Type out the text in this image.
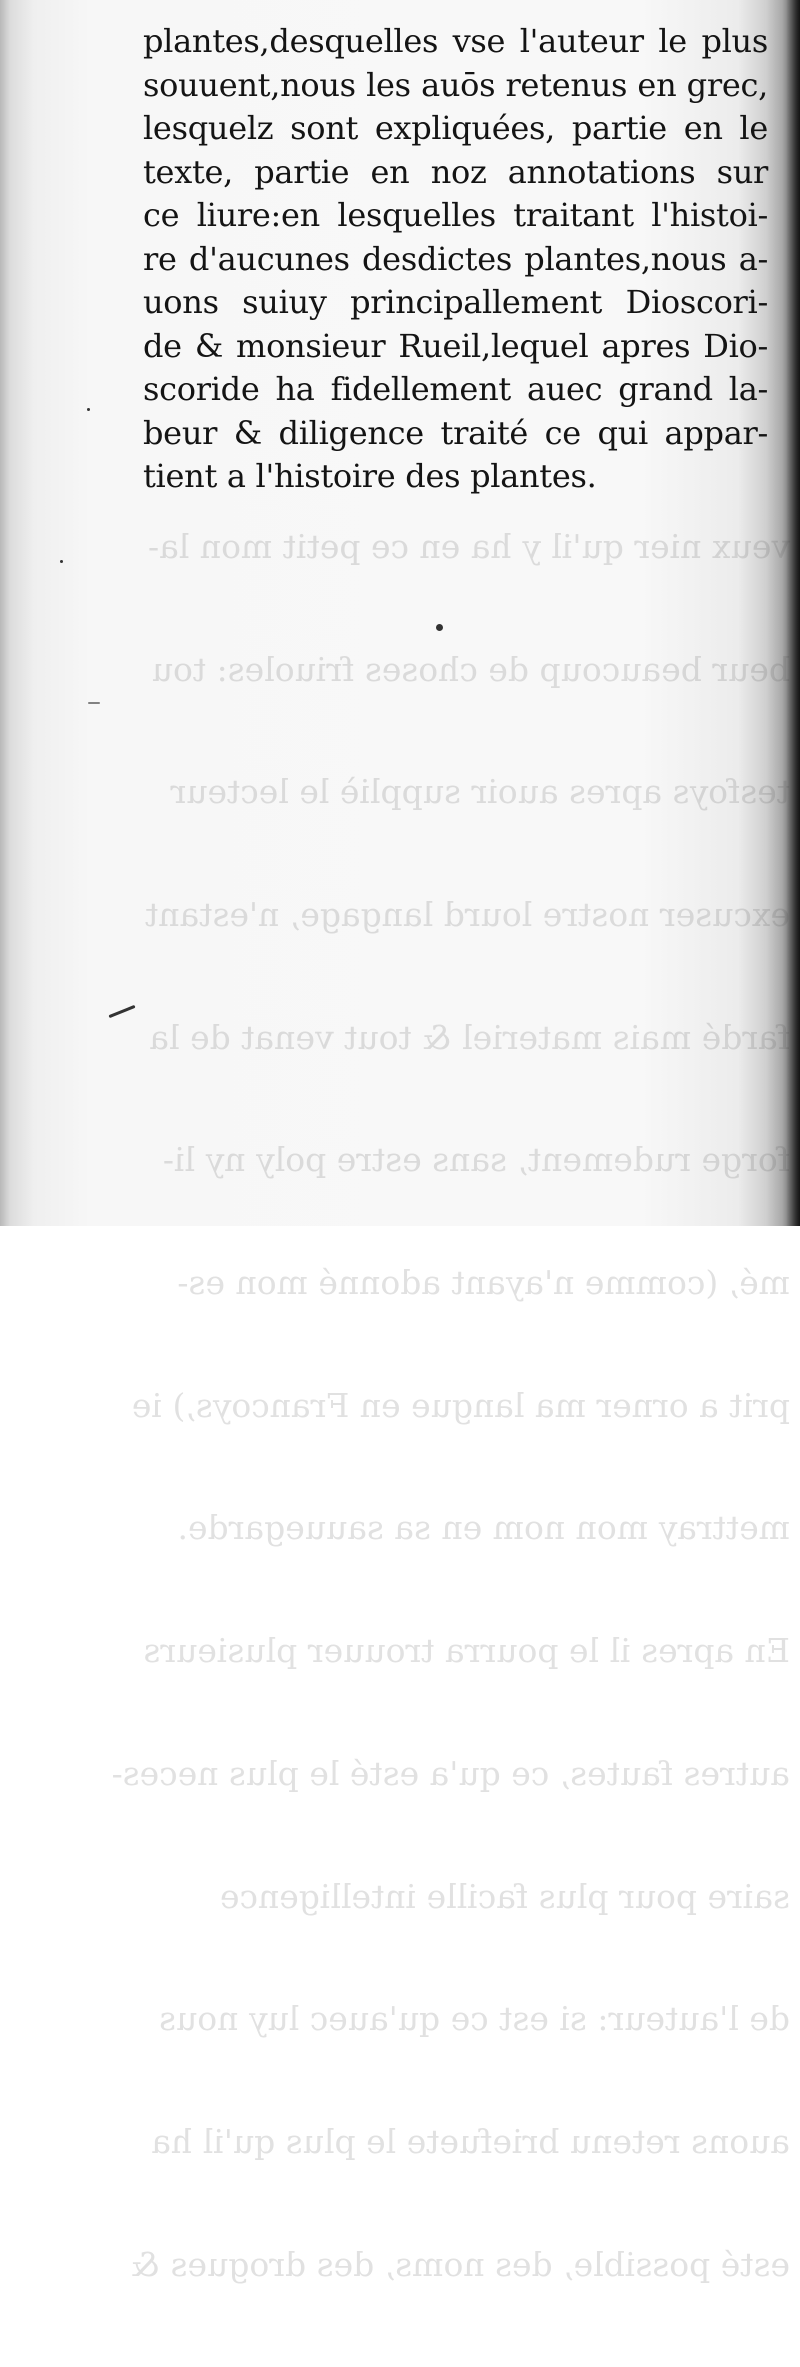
veux nier qu'il y ha en ce petit mon la-

beur beaucoup de choses friuoles: tou

tesfoys apres auoir suppliè le lecteur

excuser nostre lourd langage, n'estant

fardé mais materiel & tout venat de la

forge rudement, sans estre poly ny li-

mé, (comme n'ayant adonné mon es-

prit a orner ma langue en Francoys,) ie

mettray mon nom en sa sauuegarde.

En apres il le pourra trouuer plusieurs

autres fautes, ce qu'a esté le plus neces-

saire pour plus facille intelligence

de l'auteur: si est ce qu'auec luy nous

auons retenu briefuete le plus qu'il ha

esté possible, des noms, des drogues &

plantes,desquelles vse l'auteur le plus
souuent,nous les auōs retenus en grec,
lesquelz sont expliquées, partie en le
texte, partie en noz annotations sur
ce liure:en lesquelles traitant l'histoi-
re d'aucunes desdictes plantes,nous a-
uons suiuy principallement Dioscori-
de & monsieur Rueil,lequel apres Dio-
scoride ha fidellement auec grand la-
beur & diligence traité ce qui appar-
tient a l'histoire des plantes.
